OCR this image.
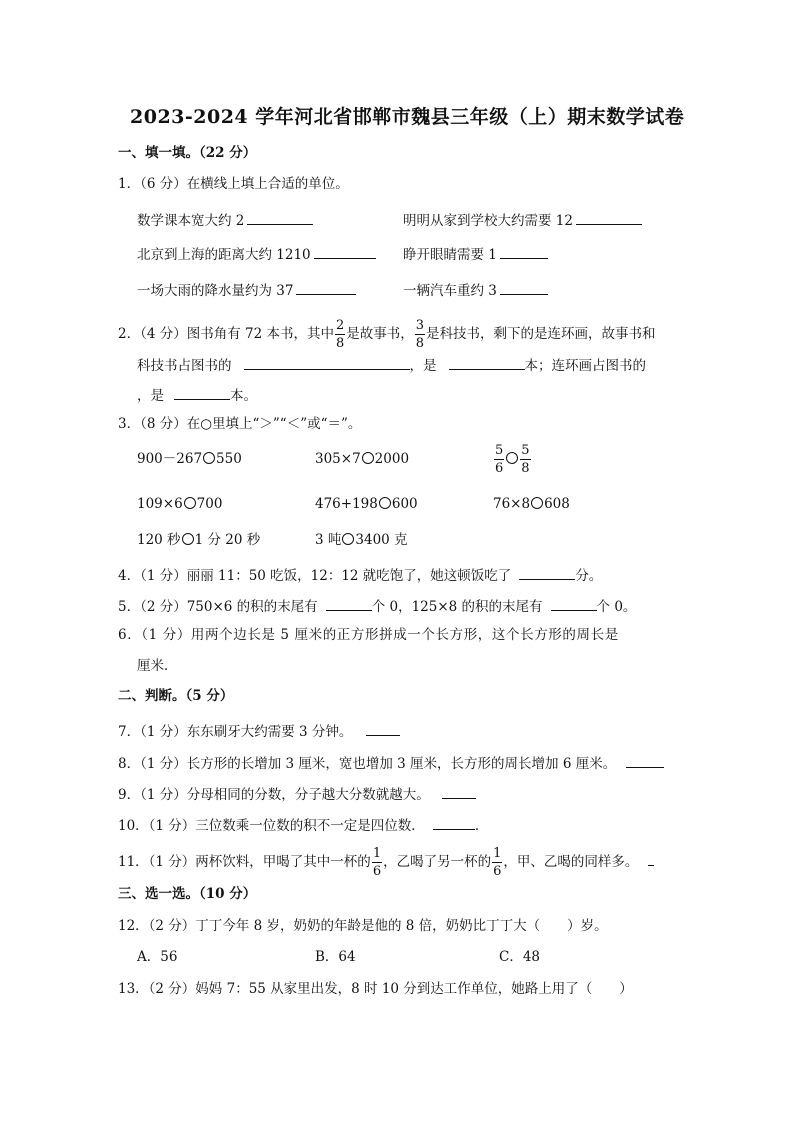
2023-2024 学年河北省邯郸市魏县三年级（上）期末数学试卷
一、填一填。（22 分）
1．（6 分）在横线上填上合适的单位。
数学课本宽大约 2	明明从家到学校大约需要 12
北京到上海的距离大约 1210	睁开眼睛需要 1
一场大雨的降水量约为 37	一辆汽车重约 3
2．（4 分）图书角有 72 本书，其中 $\frac{2}{8}$ 是故事书， $\frac{3}{8}$ 是科技书，剩下的是连环画，故事书和
科技书占图书的	，是	本；连环画占图书的
，是	本。
3．（8 分）在○里填上“＞”“＜”或“＝”。
900－267 550	305×7 2000	$\frac{5}{6} \frac{5}{8}$
109×6 700	476+198 600	76×8 608
120 秒 1 分 20 秒	3 吨 3400 克
4．（1 分）丽丽 11：50 吃饭，12：12 就吃饱了，她这顿饭吃了	分。
5．（2 分）750×6 的积的末尾有	个 0，125×8 的积的末尾有	个 0。
6．（1 分）用两个边长是 5 厘米的正方形拼成一个长方形，这个长方形的周长是
厘米．
二、判断。（5 分）
7．（1 分）东东刷牙大约需要 3 分钟。
8．（1 分）长方形的长增加 3 厘米，宽也增加 3 厘米，长方形的周长增加 6 厘米。
9．（1 分）分母相同的分数，分子越大分数就越大。
10．（1 分）三位数乘一位数的积不一定是四位数．	．
11．（1 分）两杯饮料，甲喝了其中一杯的 $\frac{1}{6}$ ，乙喝了另一杯的 $\frac{1}{6}$ ，甲、乙喝的同样多。
三、选一选。（10 分）
12．（2 分）丁丁今年 8 岁，奶奶的年龄是他的 8 倍，奶奶比丁丁大（　　）岁。
A．56	B．64	C．48
13．（2 分）妈妈 7：55 从家里出发，8 时 10 分到达工作单位，她路上用了（　　）
